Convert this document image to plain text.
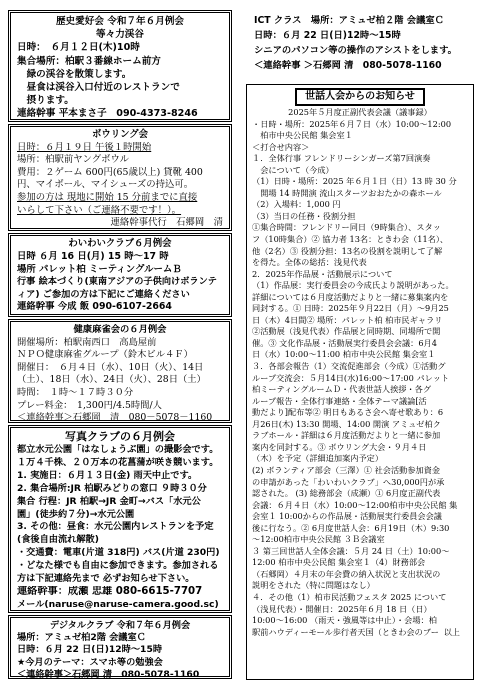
歴史愛好会 令和７年６月例会
等々力渓谷
日時：　６月１２日(木)10時
集合場所：柏駅３番線ホーム前方
　緑の渓谷を散策します。
　昼食は渓谷入口付近のレストランで
　摂ります。
連絡幹事 平本まさ子　090-4373-8246
ボウリング会
日時：６月１９日 午後１時開始
場所：柏駅前ヤングボウル
費用：２ゲーム 600円(65歳以上) 貸靴 400
円、マイボール、マイシューズの持込可。
参加の方は 現地に開始 15 分前までに直接
いらして下さい（ご連絡不要です！）。
連絡幹事代行　石郷岡　清
わいわいクラブ６月例会
日時 ６月 16 日(月) 15 時～17 時
場所 パレット柏 ミーティングルームＢ
行事 絵本づくり(東南アジアの子供向けボランティア) ご参加の方は下記にご連絡ください
連絡幹事 今成 飯 090-6107-2664
健康麻雀会の６月例会
開催場所：柏駅南西口　高島屋前
ＮＰＯ健康麻雀グループ（鈴木ビル４Ｆ）
開催日：　６月４日（水）、10日（火）、14日
（土）、18日（水）、24日（火）、28日（土）
時間：　１時～１７時３０分
プレー料金：　1,300円/4.5時間/人
＜連絡幹事＞石郷岡　清　080－5078－1160
写真クラブの６月例会
都立水元公園「はなしょうぶ園」の撮影会です。
１万４千株、２０万本の花菖蒲が咲き競います。
1. 実施日：６月１３日(金) 雨天中止です。
2. 集合場所:JR 柏駅みどりの窓口 ９時３０分
集合 行程：JR 柏駅→JR 金町→バス「水元公
園」(徒歩約７分)→水元公園
3. その他：昼食：水元公園内レストランを予定
(食後自由流れ解散)
・交通費：電車(片道 318円) バス(片道 230円)
・どなた様でも自由に参加できます。参加される
方は下記連絡先まで 必ずお知らせ下さい。
連絡幹事：成瀬 忠雄 080-6615-7707
メール(naruse@naruse-camera.good.sc)
デジタルクラブ 令和７年６月例会
場所：アミュゼ柏2階 会議室Ｃ
日時：６月 22 日(日)12時～15時
★今月のテーマ：スマホ等の勉強会
＜連絡幹事＞石郷岡 清　080-5078-1160
ICT クラス　場所：アミュゼ柏２階 会議室Ｃ
日時：６月 22 日(日)12時～15時
シニアのパソコン等の操作のアシストをします。
＜連絡幹事 ＞石郷岡 清　080-5078-1160
世話人会からのお知らせ
2025年５月度正副代表会議（議事録）
・日時・場所：2025年６月７日（水）10:00～12:00
　柏市中央公民館 集会室１
＜打合せ内容＞
１．全体行事 フレンドリーシンガーズ第7回演奏
　会について（今成）
（1）日時・場所：2025 年６月１日（日）13 時 30 分
　開場 14 時開演 流山スターツおおたかの森ホール
（2）入場料：1,000 円
（3）当日の任務・役割分担
①集合時間：フレンドリー同日（9時集合）、スタッ
フ（10時集合）② 協力者 13名：ときわ会（11名）、
他（2名）③ 役割分担：13名の役割を説明して了解
を得た。全体の総括：浅見代表
2．2025年作品展・活動展示について
（1）作品展：実行委員会の今成氏より説明があった。
詳細については６月度活動だよりと一緒に募集案内を
同封する。① 日時：2025年９月22日（月）～9月25
日（木）4日間② 場所：パレット柏 柏市民ギャラリ
②活動展（浅見代表）作品展と同時期、同場所で開
催。③ 文化作品展・活動展実行委員会会議：6月4
日（水）10:00～11:00 柏市中央公民館 集会室１
３．各部会報告（1）交流促進部会（今成）①活動グ
ループ交流会：５月14日(水)16:00～17:00 パレット
柏ミーティングルームＤ・代表世話人挨拶・各グ
ループ報告・全体行事連絡・全体テーマ議論[活
動だより]配布等② 明日もあるさ会へ寄せ歌あり：6
月26日(木) 13:30 開場、14:00 開演 アミュゼ柏ク
ラブホール・詳細は６月度活動だよりと一緒に参加
案内を同封する。③ ボウリング大会・９月４日
（木）を予定（詳細追加案内予定）
(2) ボランティア部会（三澤）① 社会活動参加資金
の申請があった「わいわいクラブ」へ30,000円が承
認された。 (3) 総務部会（成瀬）① 6月度正副代表
会議：６月４日（水）10:00～12:00柏市中央公民館 集
会室１ 10:00からの作品展・活動展実行委員会会議
後に行なう。② 6月度世話人会：6月19日（木）9:30
～12:00柏市中央公民館 ３Ｂ会議室
３ 第三回世話人全体会議：５月 24 日（土）10:00～
12:00 柏市中央公民館 集会室１（4）財務部会
（石郷岡）４月末の年会費の納入状況と支出状況の
説明をされた（特に問題はなし）
４．その他（1）柏市民活動フェスタ 2025 について
（浅見代表）・開催日：2025年６月 18 日（日）
10:00～16:00 （雨天・強風等は中止）・会場：柏
駅前ハウディーモール歩行者天国（ときわ会のブー 以上
